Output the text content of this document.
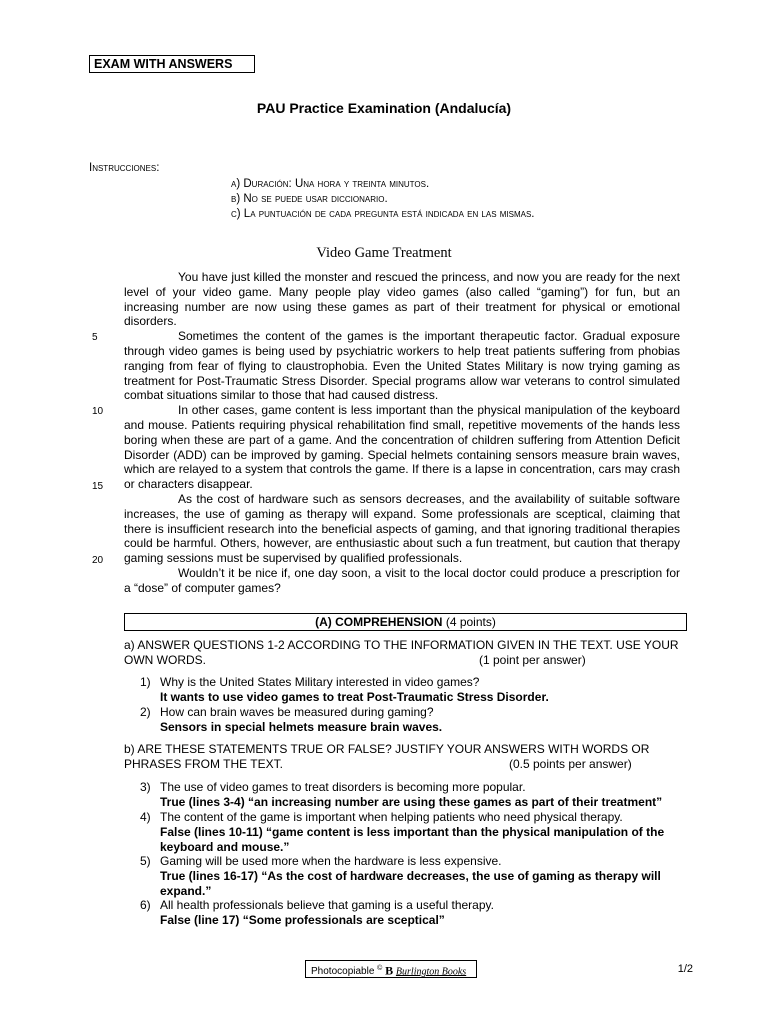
EXAM WITH ANSWERS
PAU Practice Examination (Andalucía)
Instrucciones:
a) Duración: Una hora y treinta minutos.
b) No se puede usar diccionario.
c) La puntuación de cada pregunta está indicada en las mismas.
Video Game Treatment

You have just killed the monster and rescued the princess, and now you are ready for the next level of your video game. Many people play video games (also called “gaming”) for fun, but an increasing number are now using these games as part of their treatment for physical or emotional disorders.

Sometimes the content of the games is the important therapeutic factor. Gradual exposure through video games is being used by psychiatric workers to help treat patients suffering from phobias ranging from fear of flying to claustrophobia. Even the United States Military is now trying gaming as treatment for Post-Traumatic Stress Disorder. Special programs allow war veterans to control simulated combat situations similar to those that had caused distress.

In other cases, game content is less important than the physical manipulation of the keyboard and mouse. Patients requiring physical rehabilitation find small, repetitive movements of the hands less boring when these are part of a game. And the concentration of children suffering from Attention Deficit Disorder (ADD) can be improved by gaming. Special helmets containing sensors measure brain waves, which are relayed to a system that controls the game. If there is a lapse in concentration, cars may crash or characters disappear.

As the cost of hardware such as sensors decreases, and the availability of suitable software increases, the use of gaming as therapy will expand. Some professionals are sceptical, claiming that there is insufficient research into the beneficial aspects of gaming, and that ignoring traditional therapies could be harmful. Others, however, are enthusiastic about such a fun treatment, but caution that therapy gaming sessions must be supervised by qualified professionals.

Wouldn’t it be nice if, one day soon, a visit to the local doctor could produce a prescription for a “dose” of computer games?

5
10
15
20
(A) COMPREHENSION (4 points)
a) ANSWER QUESTIONS 1-2 ACCORDING TO THE INFORMATION GIVEN IN THE TEXT. USE YOUR OWN WORDS.	(1 point per answer)
1) Why is the United States Military interested in video games?
It wants to use video games to treat Post-Traumatic Stress Disorder.
2) How can brain waves be measured during gaming?
Sensors in special helmets measure brain waves.
b) ARE THESE STATEMENTS TRUE OR FALSE? JUSTIFY YOUR ANSWERS WITH WORDS OR PHRASES FROM THE TEXT.	(0.5 points per answer)
3) The use of video games to treat disorders is becoming more popular.
True (lines 3-4) “an increasing number are using these games as part of their treatment”
4) The content of the game is important when helping patients who need physical therapy.
False (lines 10-11) “game content is less important than the physical manipulation of the keyboard and mouse.”
5) Gaming will be used more when the hardware is less expensive.
True (lines 16-17) “As the cost of hardware decreases, the use of gaming as therapy will expand.”
6) All health professionals believe that gaming is a useful therapy.
False (line 17) “Some professionals are sceptical”
Photocopiable © B Burlington Books	1/2
